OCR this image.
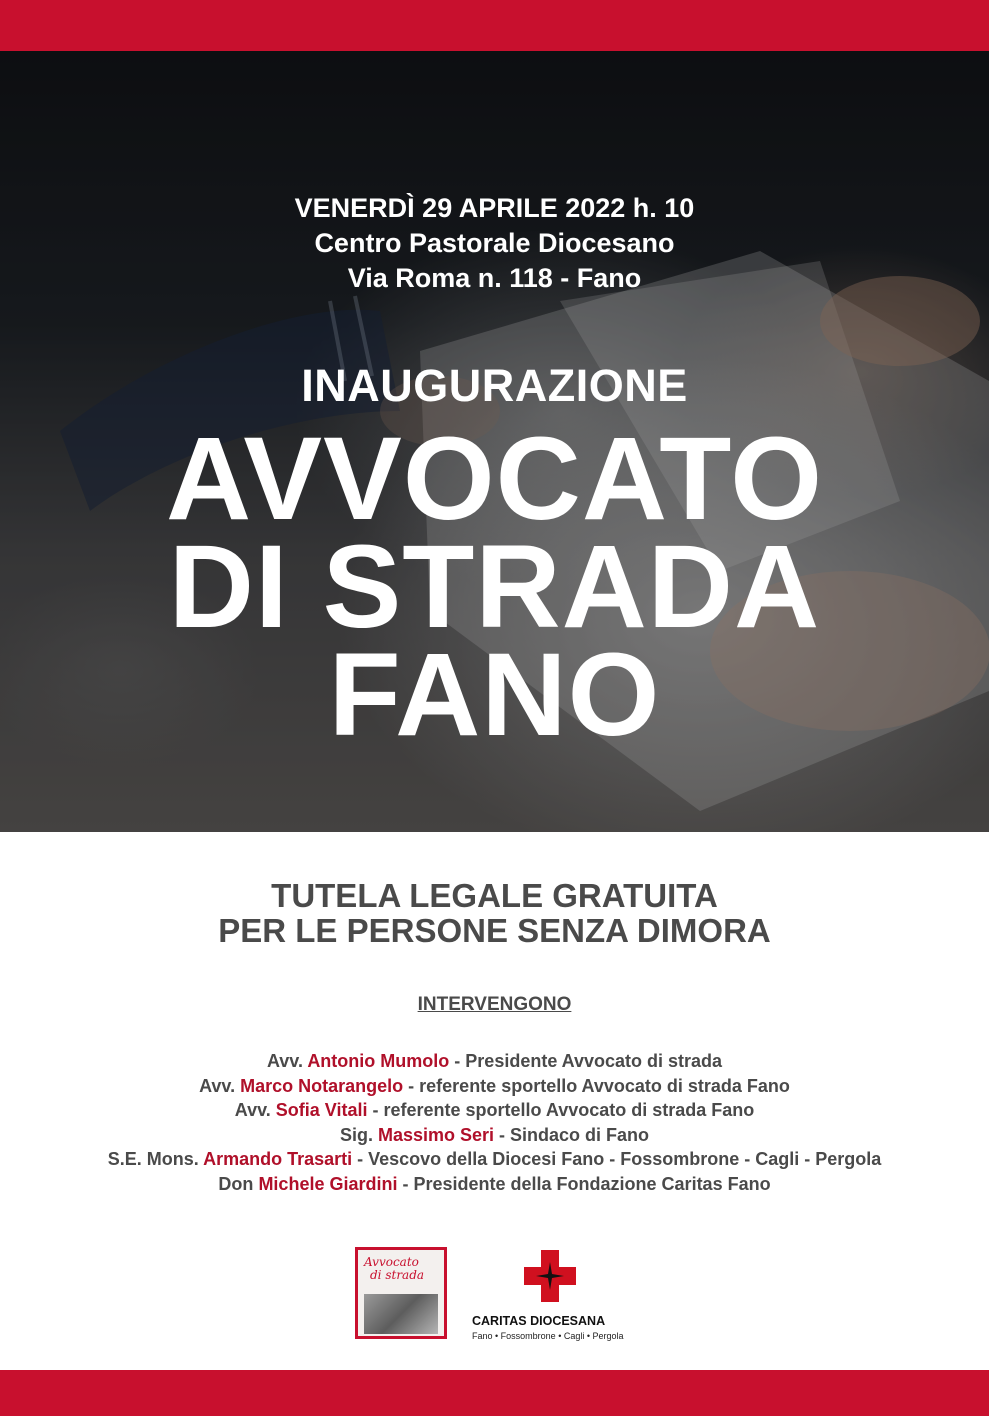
VENERDÌ 29 APRILE 2022 h. 10
Centro Pastorale Diocesano
Via Roma n. 118 - Fano
INAUGURAZIONE
AVVOCATO
DI STRADA
FANO
TUTELA LEGALE GRATUITA
PER LE PERSONE SENZA DIMORA
INTERVENGONO
Avv. Antonio Mumolo - Presidente Avvocato di strada
Avv. Marco Notarangelo - referente sportello Avvocato di strada Fano
Avv. Sofia Vitali - referente sportello Avvocato di strada Fano
Sig. Massimo Seri - Sindaco di Fano
S.E. Mons. Armando Trasarti - Vescovo della Diocesi Fano - Fossombrone - Cagli - Pergola
Don Michele Giardini - Presidente della Fondazione Caritas Fano
Avvocato
di strada
CARITAS DIOCESANA
Fano • Fossombrone • Cagli • Pergola
